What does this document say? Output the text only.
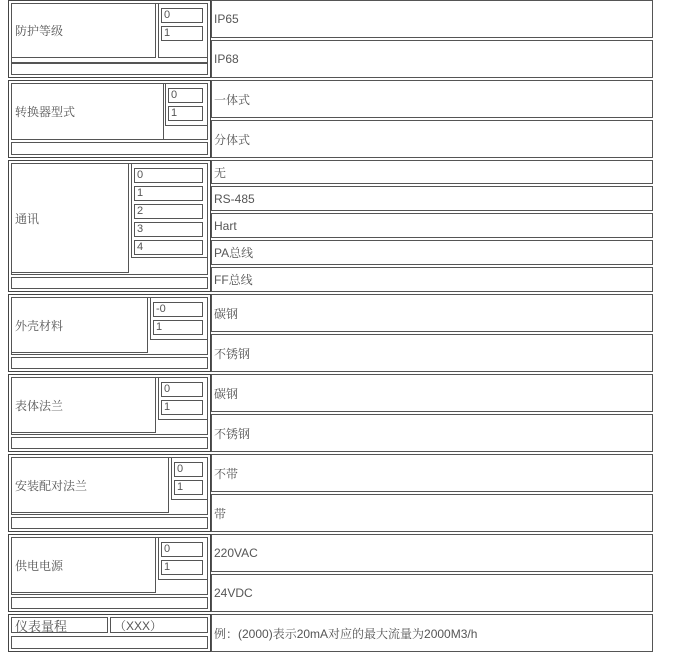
防护等级
0
1
IP65
IP68
转换器型式
0
1
一体式
分体式
通讯
0
1
2
3
4
无
RS-485
Hart
PA总线
FF总线
外壳材料
-0
1
碳钢
不锈钢
表体法兰
0
1
碳钢
不锈钢
安装配对法兰
0
1
不带
带
供电电源
0
1
220VAC
24VDC
仪表量程	（XXX）
例：(2000)表示20mA对应的最大流量为2000M3/h
